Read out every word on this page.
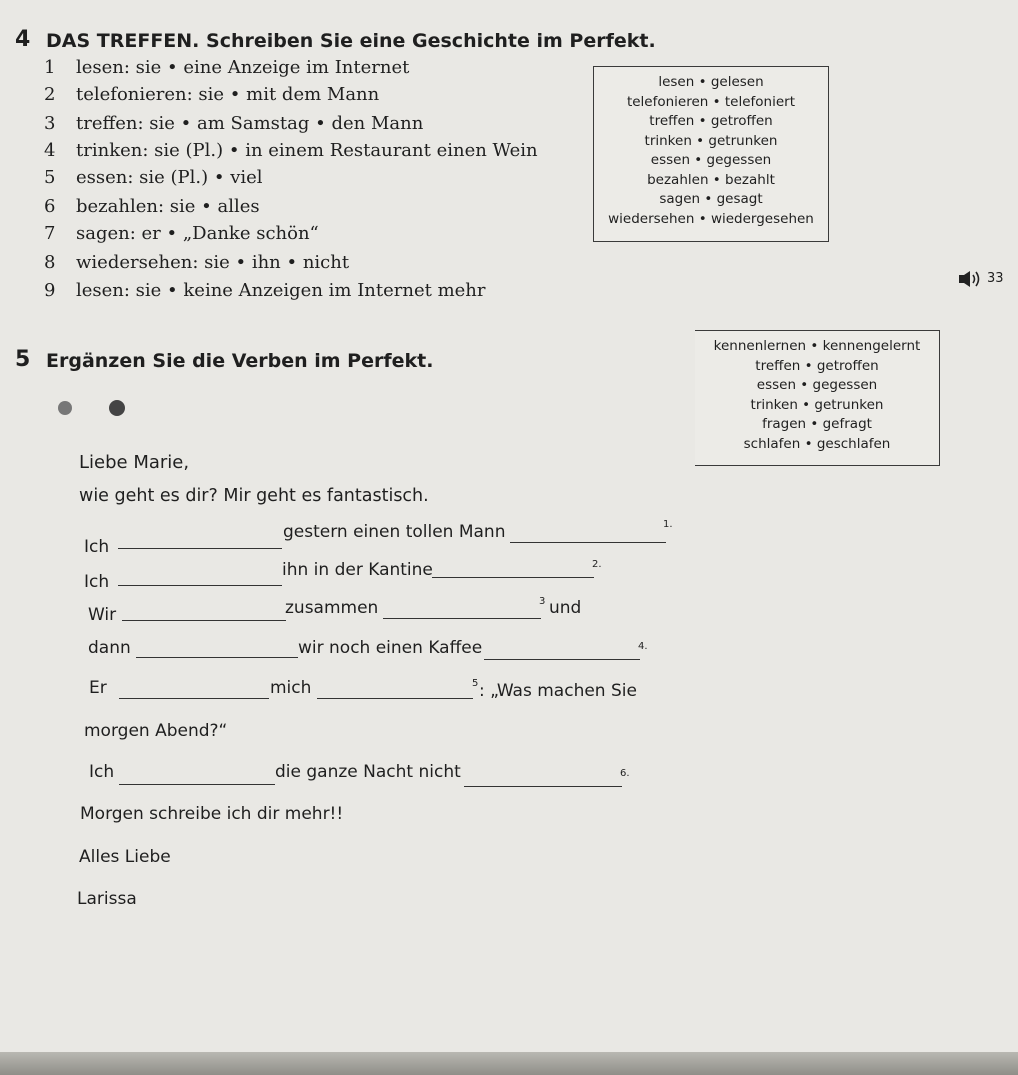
4 DAS TREFFEN. Schreiben Sie eine Geschichte im Perfekt.
1 lesen: sie • eine Anzeige im Internet
2 telefonieren: sie • mit dem Mann
3 treffen: sie • am Samstag • den Mann
4 trinken: sie (Pl.) • in einem Restaurant einen Wein
5 essen: sie (Pl.) • viel
6 bezahlen: sie • alles
7 sagen: er • „Danke schön“
8 wiedersehen: sie • ihn • nicht
9 lesen: sie • keine Anzeigen im Internet mehr
lesen • gelesen
telefonieren • telefoniert
treffen • getroffen
trinken • getrunken
essen • gegessen
bezahlen • bezahlt
sagen • gesagt
wiedersehen • wiedergesehen
33
5 Ergänzen Sie die Verben im Perfekt.
kennenlernen • kennengelernt
treffen • getroffen
essen • gegessen
trinken • getrunken
fragen • gefragt
schlafen • geschlafen
Liebe Marie,
wie geht es dir? Mir geht es fantastisch.
Ich
gestern einen tollen Mann	1.
Ich
ihn in der Kantine	2.
Wir	zusammen	3 und
dann	wir noch einen Kaffee	4.
Er	mich	5 : „Was machen Sie
morgen Abend?“
Ich	die ganze Nacht nicht	6.
Morgen schreibe ich dir mehr!!
Alles Liebe
Larissa
